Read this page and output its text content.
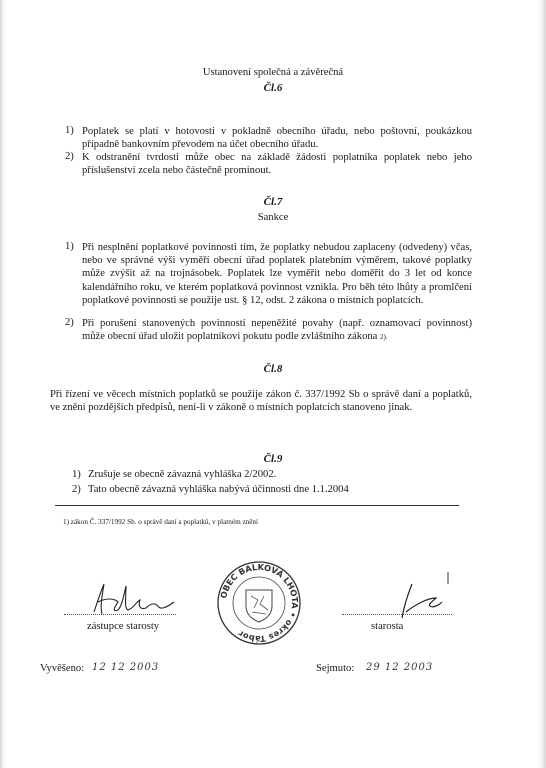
Ustanovení společná a závěrečná
Čl.6
1) Poplatek se platí v hotovosti v pokladně obecního úřadu, nebo poštovní, poukázkou případně bankovním převodem na účet obecního úřadu.
2) K odstranění tvrdosti může obec na základě žádosti poplatníka poplatek nebo jeho příslušenství zcela nebo částečně prominout.
Čl.7
Sankce
1) Při nesplnění poplatkové povinnosti tím, že poplatky nebudou zaplaceny (odvedeny) včas, nebo ve správné výši vyměří obecní úřad poplatek platebním výměrem, takové poplatky může zvýšit až na trojnásobek. Poplatek lze vyměřit nebo doměřit do 3 let od konce kalendářního roku, ve kterém poplatková povinnost vznikla. Pro běh této lhůty a promlčení poplatkové povinnosti se použije ust. § 12, odst. 2 zákona o místních poplatcích.
2) Při porušení stanovených povinností nepeněžité povahy (např. oznamovací povinnost) může obecní úřad uložit poplatníkovi pokutu podle zvláštního zákona 2).
Čl.8
Při řízení ve věcech místních poplatků se použije zákon č. 337/1992 Sb o správě daní a poplatků, ve znění pozdějších předpisů, není-li v zákoně o místních poplatcích stanoveno jinak.
Čl.9
1) Zrušuje se obecně závazná vyhláška 2/2002.
2) Tato obecně závazná vyhláška nabývá účinnosti dne 1.1.2004
1) zákon Č. 337/1992 Sb. o správě daní a poplatků, v platném znění
zástupce starosty
OBEC BALKOVÁ LHOTA • okres Tábor
starosta
Vyvěšeno: 12 12 2003	Sejmuto: 29 12 2003
